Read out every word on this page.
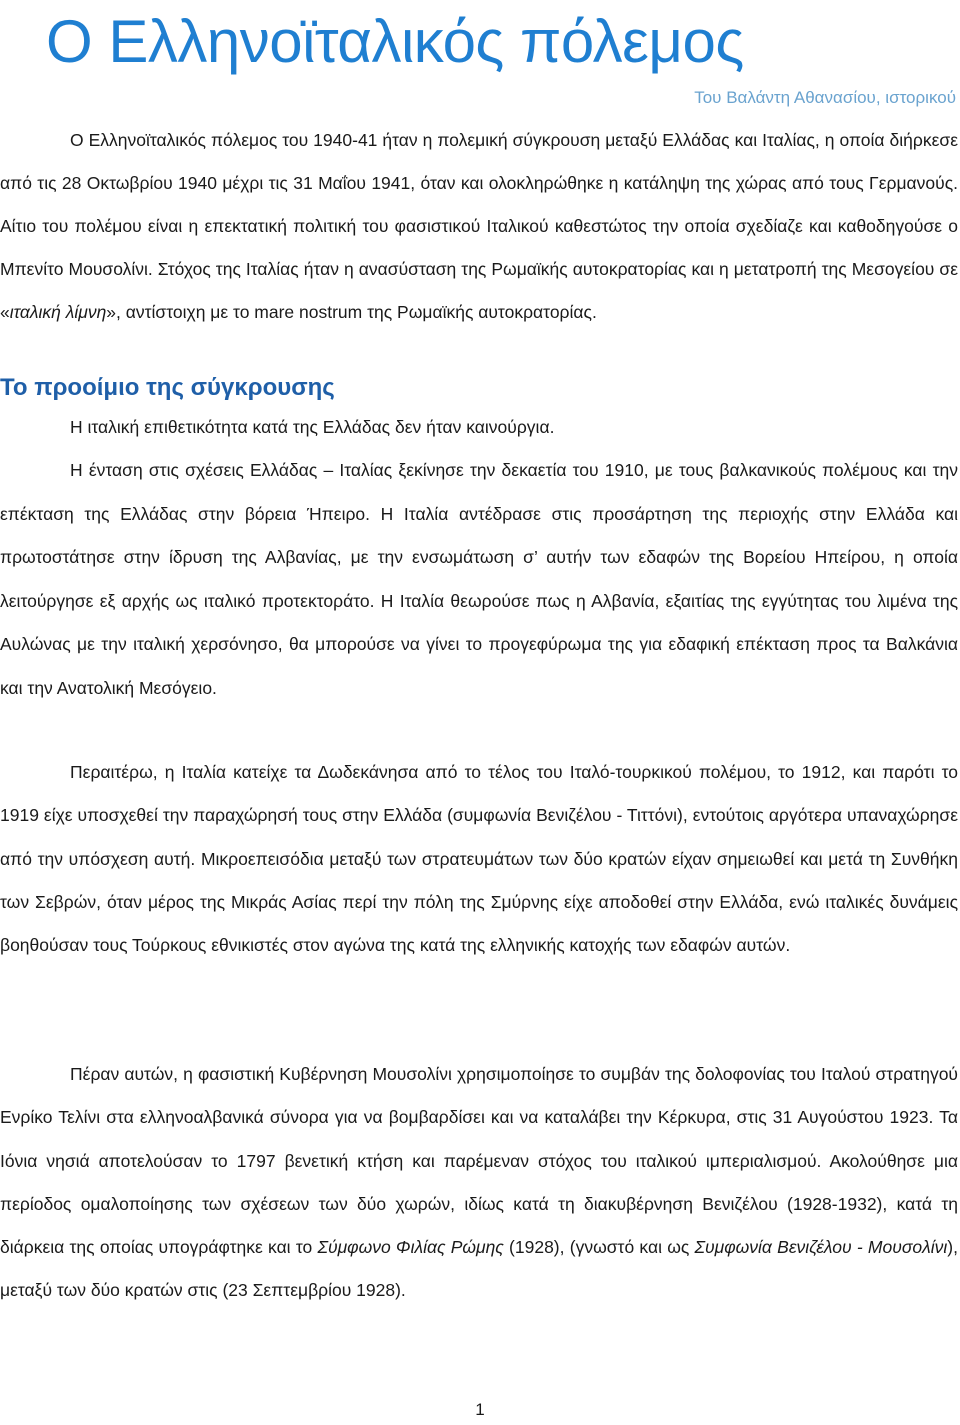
Ο Ελληνοϊταλικός πόλεμος
Του Βαλάντη Αθανασίου, ιστορικού

Ο Ελληνοϊταλικός πόλεμος του 1940-41 ήταν η πολεμική σύγκρουση μεταξύ Ελλάδας και Ιταλίας, η οποία διήρκεσε από τις 28 Οκτωβρίου 1940 μέχρι τις 31 Μαΐου 1941, όταν και ολοκληρώθηκε η κατάληψη της χώρας από τους Γερμανούς. Αίτιο του πολέμου είναι η επεκτατική πολιτική του φασιστικού Ιταλικού καθεστώτος την οποία σχεδίαζε και καθοδηγούσε ο Μπενίτο Μουσολίνι. Στόχος της Ιταλίας ήταν η ανασύσταση της Ρωμαϊκής αυτοκρατορίας και η μετατροπή της Μεσογείου σε «ιταλική λίμνη», αντίστοιχη με το mare nostrum της Ρωμαϊκής αυτοκρατορίας.

Το προοίμιο της σύγκρουσης

Η ιταλική επιθετικότητα κατά της Ελλάδας δεν ήταν καινούργια.

Η ένταση στις σχέσεις Ελλάδας – Ιταλίας ξεκίνησε την δεκαετία του 1910, με τους βαλκανικούς πολέμους και την επέκταση της Ελλάδας στην βόρεια Ήπειρο. Η Ιταλία αντέδρασε στις προσάρτηση της περιοχής στην Ελλάδα και πρωτοστάτησε στην ίδρυση της Αλβανίας, με την ενσωμάτωση σ’ αυτήν των εδαφών της Βορείου Ηπείρου, η οποία λειτούργησε εξ αρχής ως ιταλικό προτεκτοράτο. Η Ιταλία θεωρούσε πως η Αλβανία, εξαιτίας της εγγύτητας του λιμένα της Αυλώνας με την ιταλική χερσόνησο, θα μπορούσε να γίνει το προγεφύρωμα της για εδαφική επέκταση προς τα Βαλκάνια και την Ανατολική Μεσόγειο.

Περαιτέρω, η Ιταλία κατείχε τα Δωδεκάνησα από το τέλος του Ιταλό-τουρκικού πολέμου, το 1912, και παρότι το 1919 είχε υποσχεθεί την παραχώρησή τους στην Ελλάδα (συμφωνία Βενιζέλου - Τιττόνι), εντούτοις αργότερα υπαναχώρησε από την υπόσχεση αυτή. Μικροεπεισόδια μεταξύ των στρατευμάτων των δύο κρατών είχαν σημειωθεί και μετά τη Συνθήκη των Σεβρών, όταν μέρος της Μικράς Ασίας περί την πόλη της Σμύρνης είχε αποδοθεί στην Ελλάδα, ενώ ιταλικές δυνάμεις βοηθούσαν τους Τούρκους εθνικιστές στον αγώνα της κατά της ελληνικής κατοχής των εδαφών αυτών.

Πέραν αυτών, η φασιστική Κυβέρνηση Μουσολίνι χρησιμοποίησε το συμβάν της δολοφονίας του Ιταλού στρατηγού Ενρίκο Τελίνι στα ελληνοαλβανικά σύνορα για να βομβαρδίσει και να καταλάβει την Κέρκυρα, στις 31 Αυγούστου 1923. Τα Ιόνια νησιά αποτελούσαν το 1797 βενετική κτήση και παρέμεναν στόχος του ιταλικού ιμπεριαλισμού. Ακολούθησε μια περίοδος ομαλοποίησης των σχέσεων των δύο χωρών, ιδίως κατά τη διακυβέρνηση Βενιζέλου (1928-1932), κατά τη διάρκεια της οποίας υπογράφτηκε και το Σύμφωνο Φιλίας Ρώμης (1928), (γνωστό και ως Συμφωνία Βενιζέλου - Μουσολίνι), μεταξύ των δύο κρατών στις (23 Σεπτεμβρίου 1928).

1
